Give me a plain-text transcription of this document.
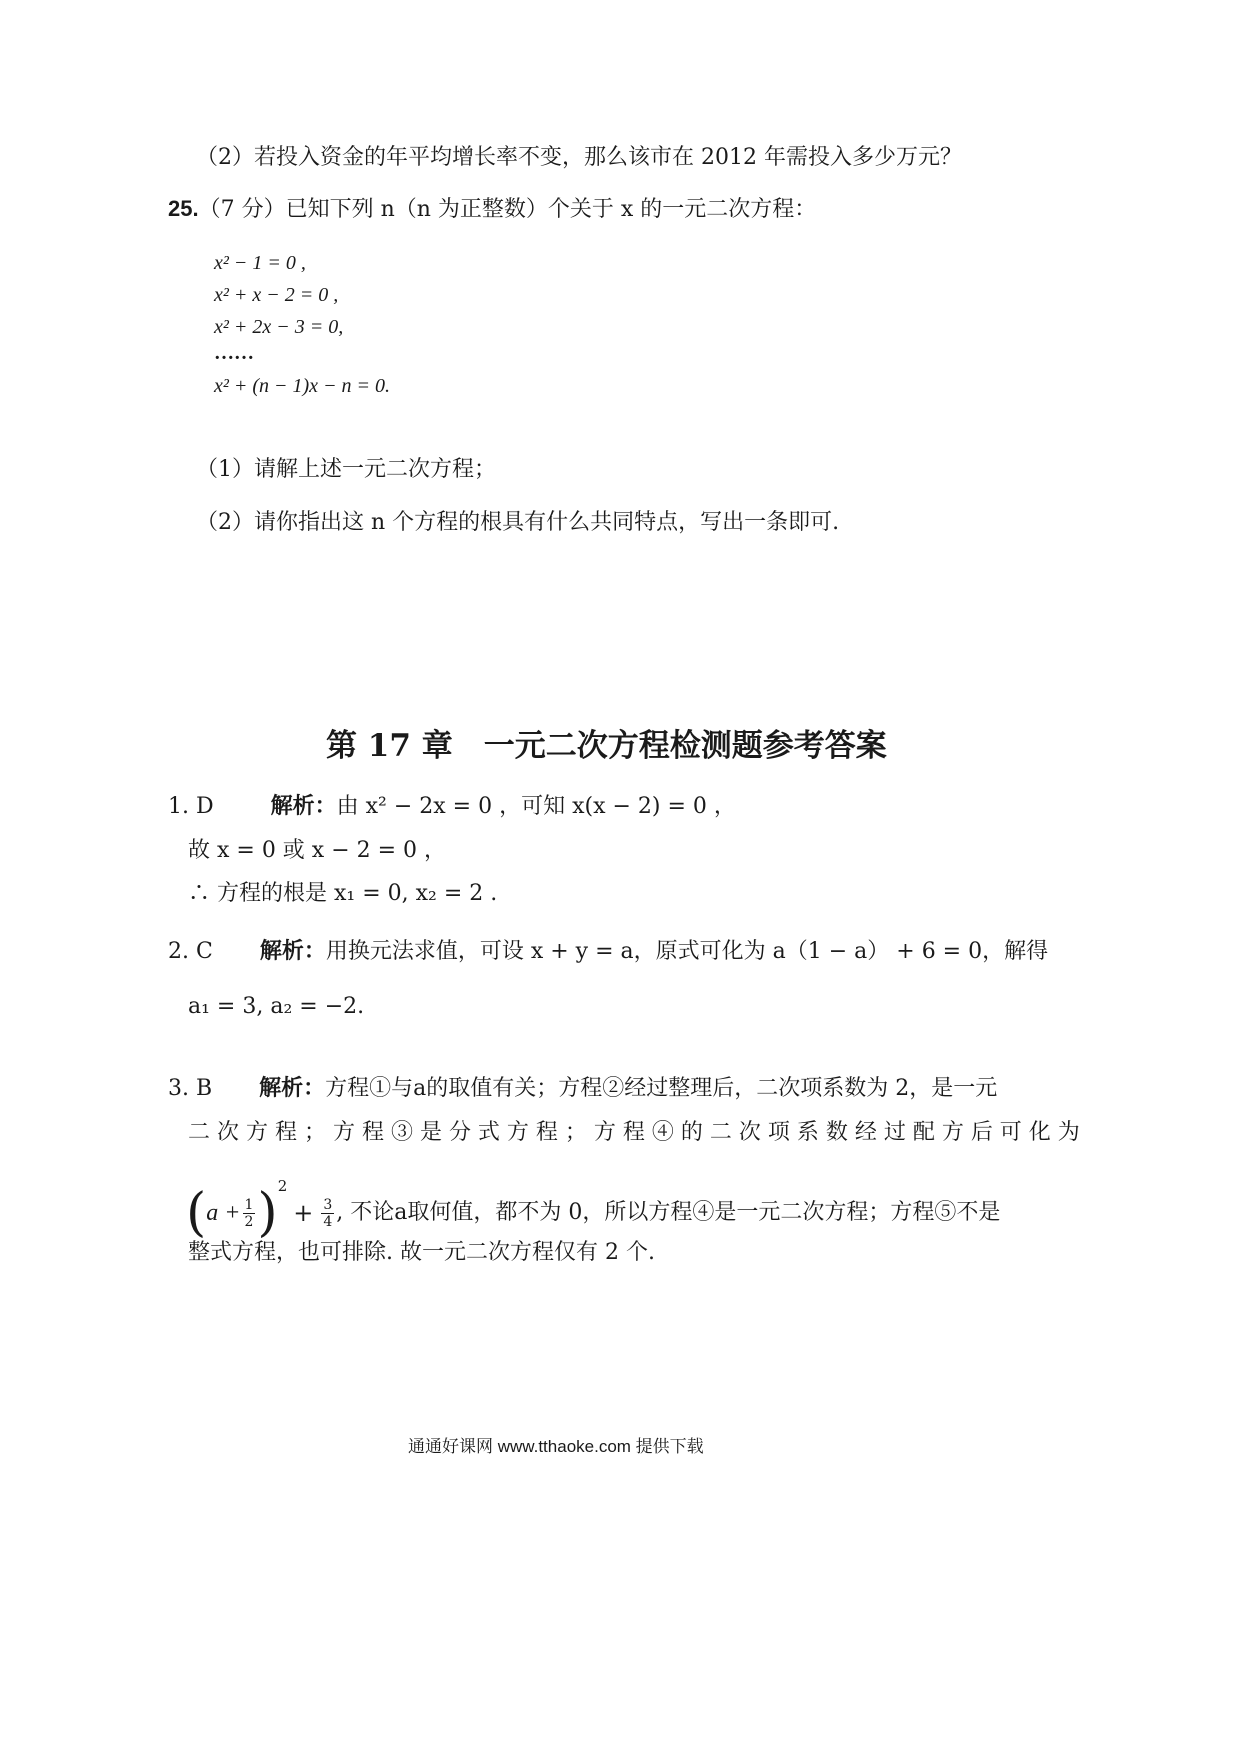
（2）若投入资金的年平均增长率不变，那么该市在 2012 年需投入多少万元？
25.（7 分）已知下列 n（n 为正整数）个关于 x 的一元二次方程：
x² − 1 = 0 ,
x² + x − 2 = 0 ,
x² + 2x − 3 = 0,
……
x² + (n − 1)x − n = 0.
（1）请解上述一元二次方程；
（2）请你指出这 n 个方程的根具有什么共同特点，写出一条即可.
第 17 章　一元二次方程检测题参考答案
1. D	解析：由 x² − 2x = 0 ，可知 x(x − 2) = 0 ，
故 x = 0 或 x − 2 = 0 ，
∴ 方程的根是 x₁ = 0, x₂ = 2 .
2. C 解析：用换元法求值，可设 x + y = a，原式可化为 a（1 − a） + 6 = 0，解得
a₁ = 3, a₂ = −2.
3. B 解析：方程①与a的取值有关；方程②经过整理后，二次项系数为 2，是一元
二 次 方 程 ； 方 程 ③ 是 分 式 方 程 ； 方 程 ④ 的 二 次 项 系 数 经 过 配 方 后 可 化 为
$(a + \frac{1}{2} )^2+ \frac{3}{4}$ , 不论a取何值，都不为 0，所以方程④是一元二次方程；方程⑤不是
整式方程，也可排除. 故一元二次方程仅有 2 个.
通通好课网 www.tthaoke.com 提供下载
